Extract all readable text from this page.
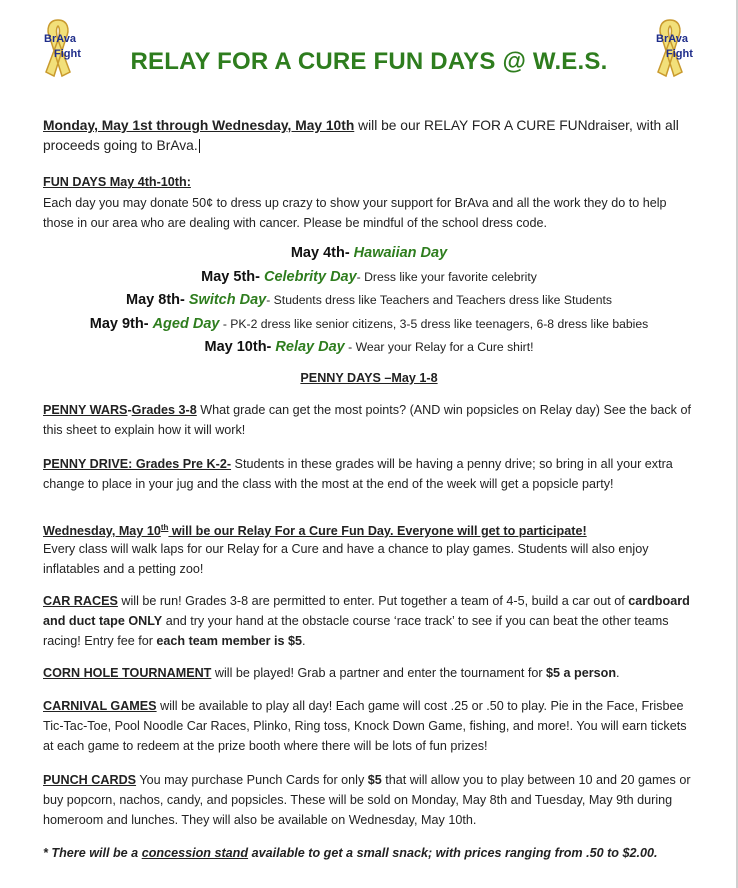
BrAva
Fight
BrAva
Fight
RELAY FOR A CURE FUN DAYS @ W.E.S.

Monday, May 1st through Wednesday, May 10th will be our RELAY FOR A CURE FUNdraiser, with all proceeds going to BrAva.

FUN DAYS May 4th-10th:

Each day you may donate 50¢ to dress up crazy to show your support for BrAva and all the work they do to help those in our area who are dealing with cancer. Please be mindful of the school dress code.

May 4th- Hawaiian Day

May 5th- Celebrity Day- Dress like your favorite celebrity

May 8th- Switch Day- Students dress like Teachers and Teachers dress like Students

May 9th- Aged Day - PK-2 dress like senior citizens, 3-5 dress like teenagers, 6-8 dress like babies

May 10th- Relay Day - Wear your Relay for a Cure shirt!

PENNY DAYS –May 1-8

PENNY WARS-Grades 3-8 What grade can get the most points? (AND win popsicles on Relay day) See the back of this sheet to explain how it will work!

PENNY DRIVE: Grades Pre K-2- Students in these grades will be having a penny drive; so bring in all your extra change to place in your jug and the class with the most at the end of the week will get a popsicle party!

Wednesday, May 10th will be our Relay For a Cure Fun Day. Everyone will get to participate!

Every class will walk laps for our Relay for a Cure and have a chance to play games. Students will also enjoy inflatables and a petting zoo!

CAR RACES will be run! Grades 3-8 are permitted to enter. Put together a team of 4-5, build a car out of cardboard and duct tape ONLY and try your hand at the obstacle course ‘race track’ to see if you can beat the other teams racing! Entry fee for each team member is $5.

CORN HOLE TOURNAMENT will be played! Grab a partner and enter the tournament for $5 a person.

CARNIVAL GAMES will be available to play all day! Each game will cost .25 or .50 to play. Pie in the Face, Frisbee Tic-Tac-Toe, Pool Noodle Car Races, Plinko, Ring toss, Knock Down Game, fishing, and more!. You will earn tickets at each game to redeem at the prize booth where there will be lots of fun prizes!

PUNCH CARDS You may purchase Punch Cards for only $5 that will allow you to play between 10 and 20 games or buy popcorn, nachos, candy, and popsicles. These will be sold on Monday, May 8th and Tuesday, May 9th during homeroom and lunches. They will also be available on Wednesday, May 10th.

* There will be a concession stand available to get a small snack; with prices ranging from .50 to $2.00.
